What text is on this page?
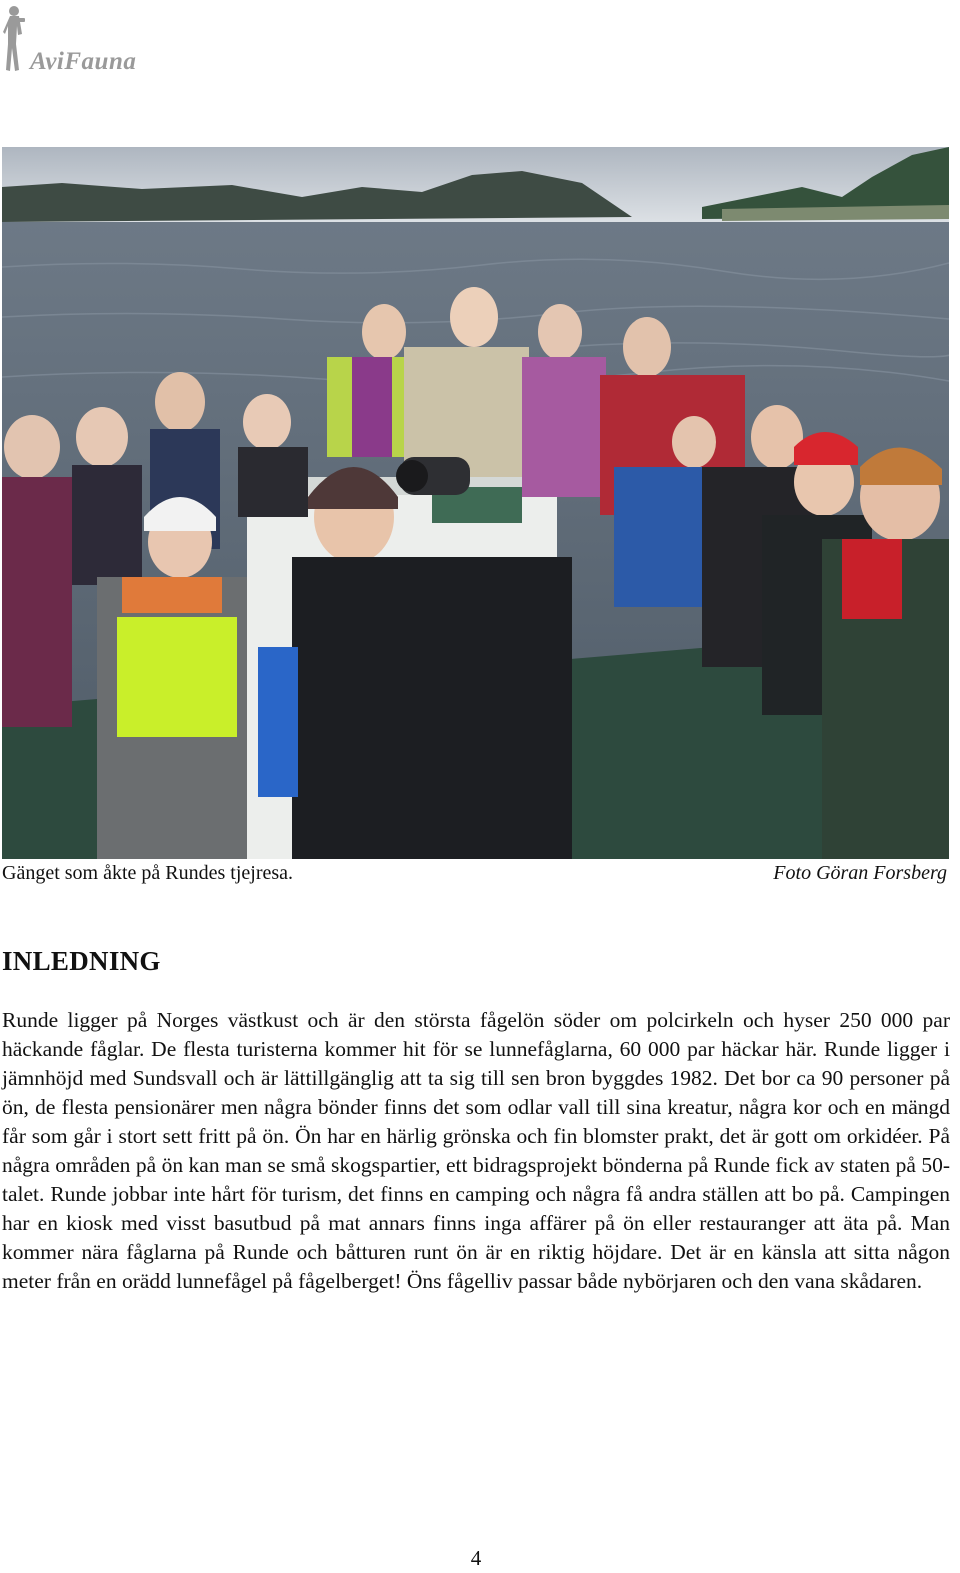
AviFauna
Gänget som åkte på Rundes tjejresa.	Foto Göran Forsberg
INLEDNING

Runde ligger på Norges västkust och är den största fågelön söder om polcirkeln och hyser 250 000 par häckande fåglar. De flesta turisterna kommer hit för se lunnefåglarna, 60 000 par häckar här. Runde ligger i jämnhöjd med Sundsvall och är lättillgänglig att ta sig till sen bron byggdes 1982. Det bor ca 90 personer på ön, de flesta pensionärer men några bönder finns det som odlar vall till sina kreatur, några kor och en mängd får som går i stort sett fritt på ön. Ön har en härlig grönska och fin blomster prakt, det är gott om orkidéer. På några områden på ön kan man se små skogspartier, ett bidragsprojekt bönderna på Runde fick av staten på 50-talet. Runde jobbar inte hårt för turism, det finns en camping och några få andra ställen att bo på. Campingen har en kiosk med visst basutbud på mat annars finns inga affärer på ön eller restauranger att äta på. Man kommer nära fåglarna på Runde och båtturen runt ön är en riktig höjdare. Det är en känsla att sitta någon meter från en orädd lunnefågel på fågelberget! Öns fågelliv passar både nybörjaren och den vana skådaren.

4
